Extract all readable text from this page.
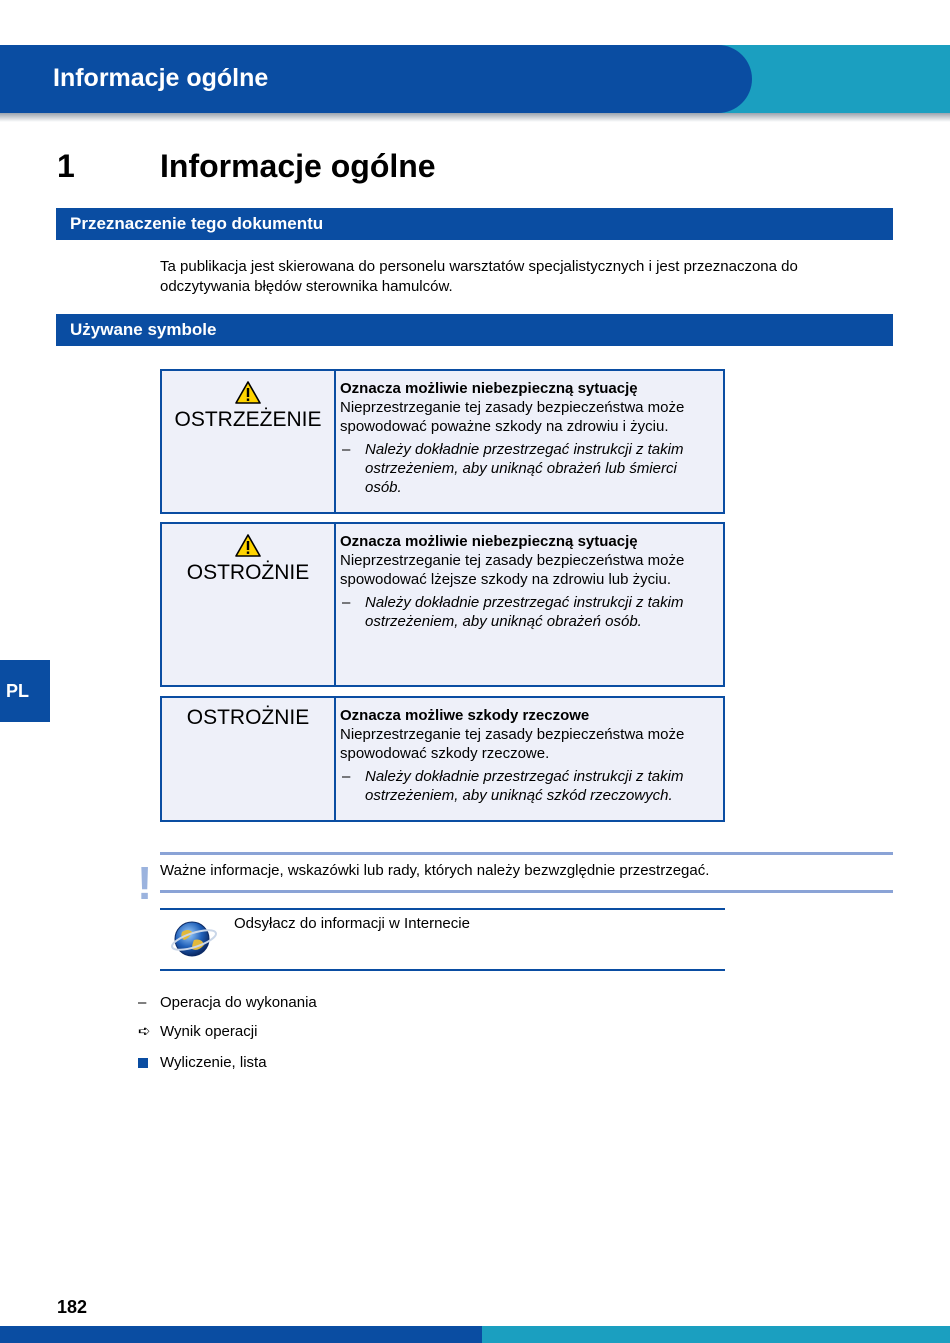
Informacje ogólne
1	Informacje ogólne
Przeznaczenie tego dokumentu
Ta publikacja jest skierowana do personelu warsztatów specjalistycznych i jest przeznaczona do odczytywania błędów sterownika hamulców.
Używane symbole
OSTRZEŻENIE
Oznacza możliwie niebezpieczną sytuację
Nieprzestrzeganie tej zasady bezpieczeństwa może spowodować poważne szkody na zdrowiu i życiu.
– Należy dokładnie przestrzegać instrukcji z takim ostrzeżeniem, aby uniknąć obrażeń lub śmierci osób.
OSTROŻNIE
Oznacza możliwie niebezpieczną sytuację
Nieprzestrzeganie tej zasady bezpieczeństwa może spowodować lżejsze szkody na zdrowiu lub życiu.
– Należy dokładnie przestrzegać instrukcji z takim ostrzeżeniem, aby uniknąć obrażeń osób.
OSTROŻNIE	Oznacza możliwe szkody rzeczowe
Nieprzestrzeganie tej zasady bezpieczeństwa może spowodować szkody rzeczowe.
– Należy dokładnie przestrzegać instrukcji z takim ostrzeżeniem, aby uniknąć szkód rzeczowych.
! Ważne informacje, wskazówki lub rady, których należy bezwzględnie przestrzegać.
Odsyłacz do informacji w Internecie
– Operacja do wykonania
➪ Wynik operacji
Wyliczenie, lista
PL
182
